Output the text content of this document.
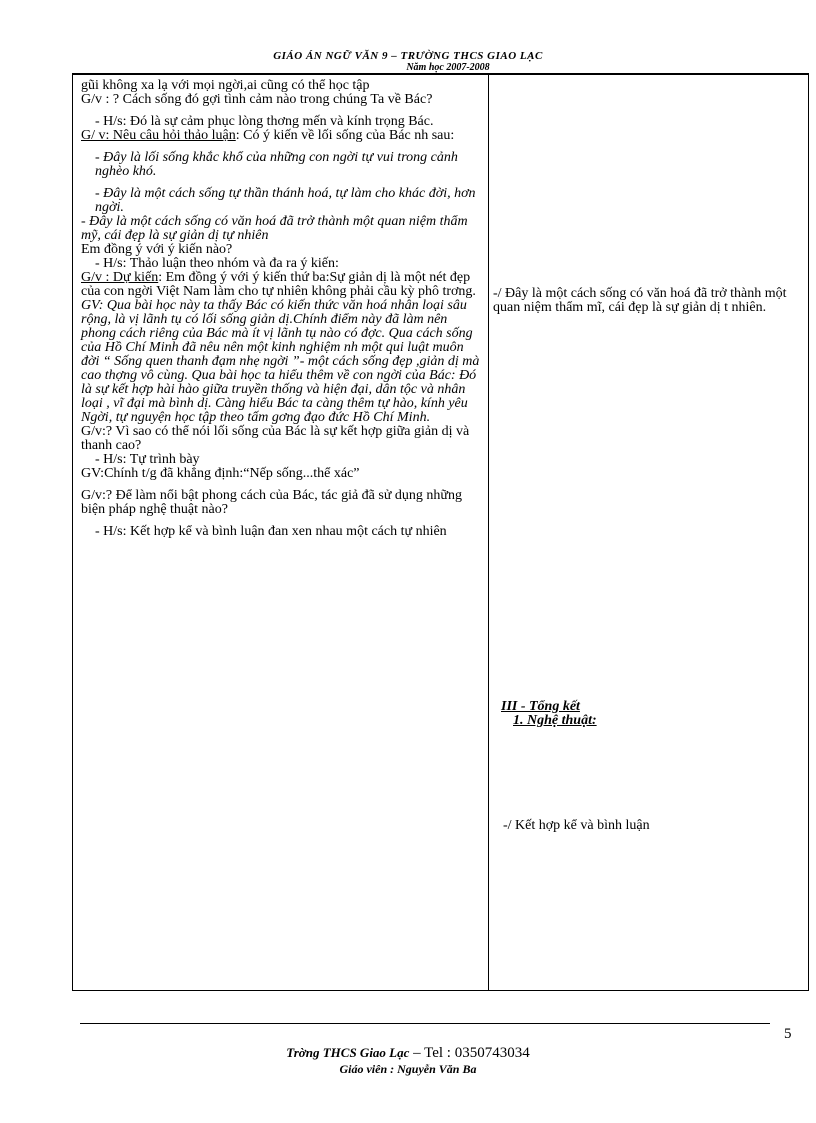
GIÁO ÁN NGỮ VĂN 9 – TRƯỜNG THCS GIAO LẠC
Năm học 2007-2008

gũi không xa lạ với mọi ngời,ai cũng có thể học tập

G/v : ? Cách sống đó gợi tình cảm nào trong chúng Ta về Bác?

- H/s: Đó là sự cảm phục lòng thơng mến và kính trọng Bác.

G/ v: Nêu câu hỏi thảo luận: Có ý kiến về lối sống của Bác nh sau:

- Đây là lối sống khắc khổ của những con ngời tự vui trong cảnh nghèo khó.

- Đây là một cách sống tự thần thánh hoá, tự làm cho khác đời, hơn ngời.

- Đây là một cách sống có văn hoá đã trở thành một quan niệm thẩm mỹ, cái đẹp là sự giản dị tự nhiên

Em đồng ý với ý kiến nào?

- H/s: Thảo luận theo nhóm và đa ra ý kiến:

G/v : Dự kiến: Em đồng ý với ý kiến thứ ba:Sự giản dị là một nét đẹp của con ngời Việt Nam làm cho tự nhiên không phải cầu kỳ phô trơng.

GV: Qua bài học này ta thấy Bác có kiến thức văn hoá nhân loại sâu rộng, là vị lãnh tụ có lối sống giản dị.Chính điểm này đã làm nên phong cách riêng của Bác mà ít vị lãnh tụ nào có đợc. Qua cách sống của Hồ Chí Minh đã nêu nên một kinh nghiệm nh một qui luật muôn đời “ Sống quen thanh đạm nhẹ ngời ”- một cách sống đẹp ,giản dị mà cao thợng vô cùng. Qua bài học ta hiểu thêm về con ngời của Bác: Đó là sự kết hợp hài hào giữa truyền thống và hiện đại, dân tộc và nhân loại , vĩ đại mà bình dị. Càng hiểu Bác ta càng thêm tự hào, kính yêu Ngời, tự nguyện học tập theo tấm gơng đạo đức Hồ Chí Minh.

G/v:? Vì sao có thể nói lối sống của Bác là sự kết hợp giữa giản dị và thanh cao?

- H/s: Tự trình bày

GV:Chính t/g đã khẳng định:“Nếp sống...thể xác”

G/v:? Để làm nổi bật phong cách của Bác, tác giả đã sử dụng những biện pháp nghệ thuật nào?

- H/s: Kết hợp kể và bình luận đan xen nhau một cách tự nhiên

-/ Đây là một cách sống có văn hoá đã trở thành một quan niệm thẩm mĩ, cái đẹp là sự giản dị t nhiên.

III - Tổng kết

1. Nghệ thuật:

-/ Kết hợp kể và bình luận

5
Trờng THCS Giao Lạc – Tel : 0350743034
Giáo viên : Nguyễn Văn Ba
